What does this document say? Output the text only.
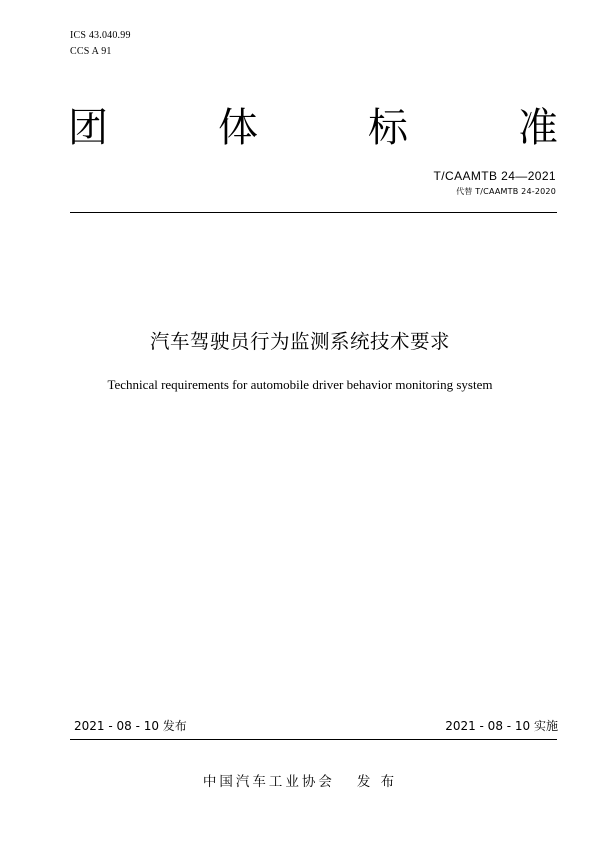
ICS 43.040.99
CCS A 91
团	体	标	准
T/CAAMTB 24—2021
代替 T/CAAMTB 24-2020
汽车驾驶员行为监测系统技术要求
Technical requirements for automobile driver behavior monitoring system
2021 - 08 - 10 发布	2021 - 08 - 10 实施
中国汽车工业协会 发 布
